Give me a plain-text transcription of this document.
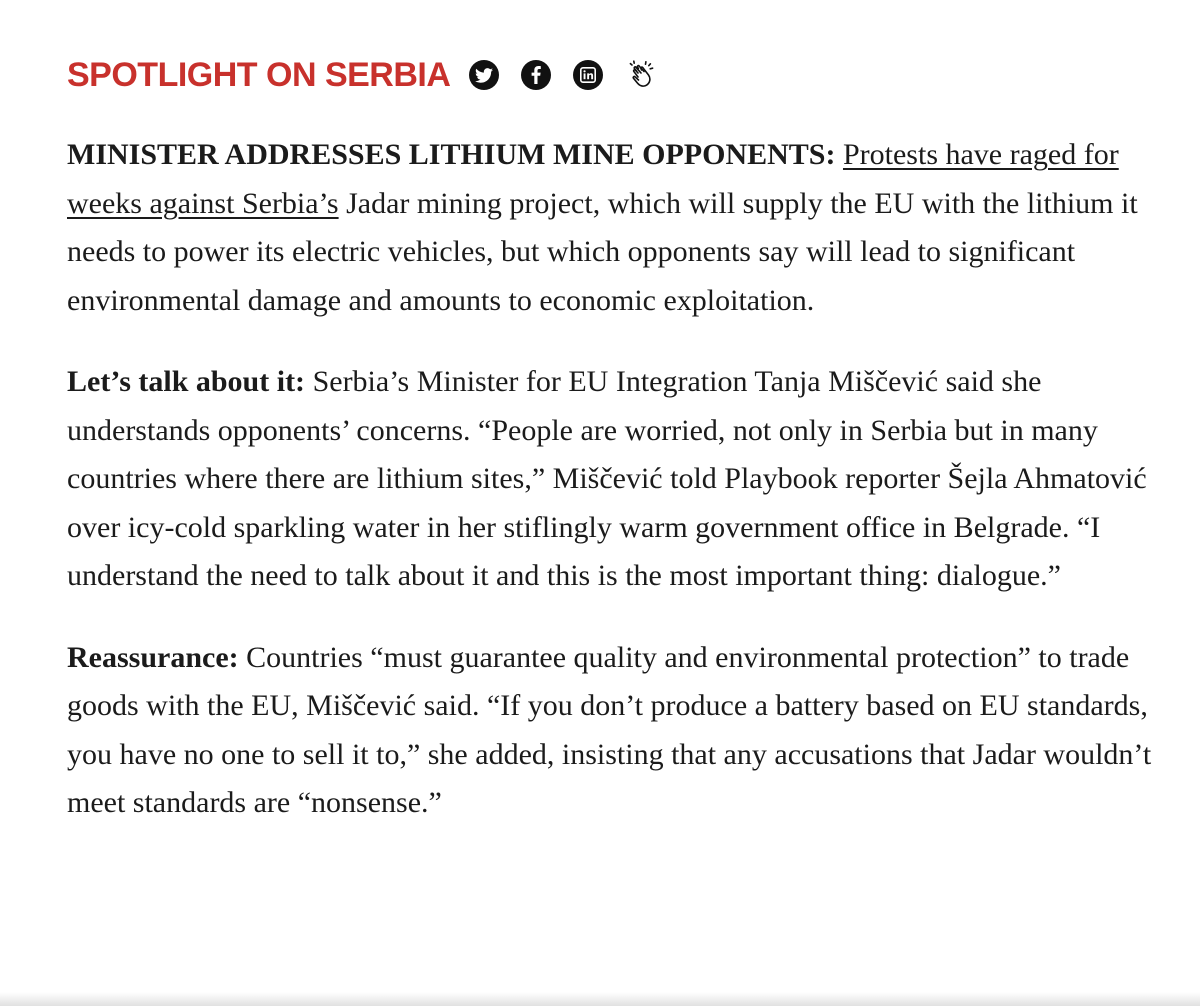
SPOTLIGHT ON SERBIA

MINISTER ADDRESSES LITHIUM MINE OPPONENTS: Protests have raged for weeks against Serbia’s Jadar mining project, which will supply the EU with the lithium it needs to power its electric vehicles, but which opponents say will lead to significant environmental damage and amounts to economic exploitation.

Let’s talk about it: Serbia’s Minister for EU Integration Tanja Miščević said she understands opponents’ concerns. “People are worried, not only in Serbia but in many countries where there are lithium sites,” Miščević told Playbook reporter Šejla Ahmatović over icy-cold sparkling water in her stiflingly warm government office in Belgrade. “I understand the need to talk about it and this is the most important thing: dialogue.”

Reassurance: Countries “must guarantee quality and environmental protection” to trade goods with the EU, Miščević said. “If you don’t produce a battery based on EU standards, you have no one to sell it to,” she added, insisting that any accusations that Jadar wouldn’t meet standards are “nonsense.”
